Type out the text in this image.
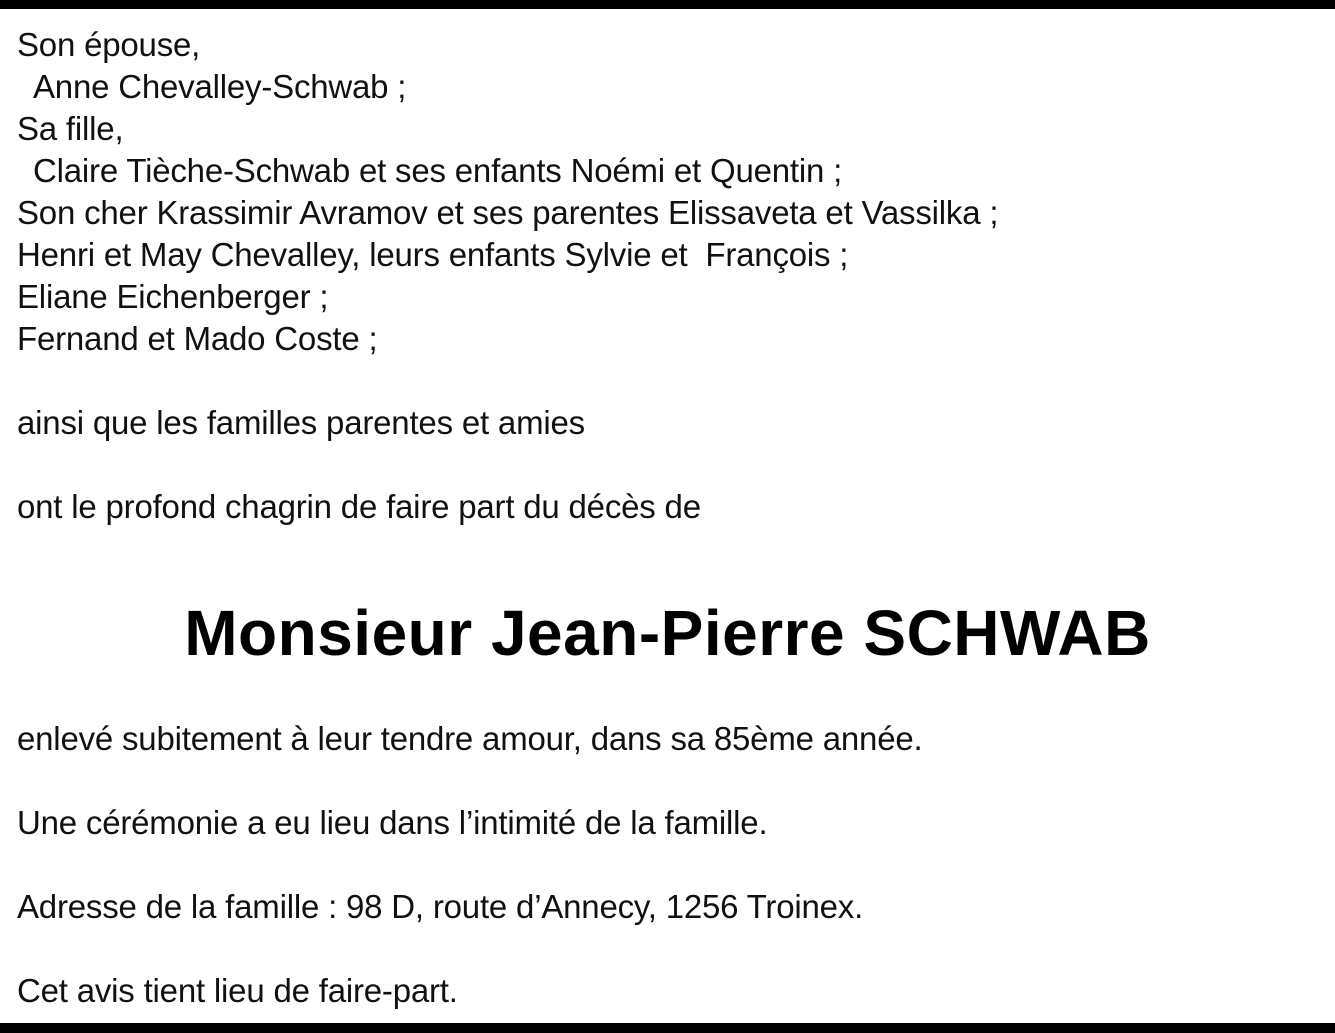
Son épouse,
Anne Chevalley-Schwab ;
Sa fille,
Claire Tièche-Schwab et ses enfants Noémi et Quentin ;
Son cher Krassimir Avramov et ses parentes Elissaveta et Vassilka ;
Henri et May Chevalley, leurs enfants Sylvie et  François ;
Eliane Eichenberger ;
Fernand et Mado Coste ;
ainsi que les familles parentes et amies
ont le profond chagrin de faire part du décès de
Monsieur Jean-Pierre SCHWAB
enlevé subitement à leur tendre amour, dans sa 85ème année.
Une cérémonie a eu lieu dans l’intimité de la famille.
Adresse de la famille : 98 D, route d’Annecy, 1256 Troinex.
Cet avis tient lieu de faire-part.
